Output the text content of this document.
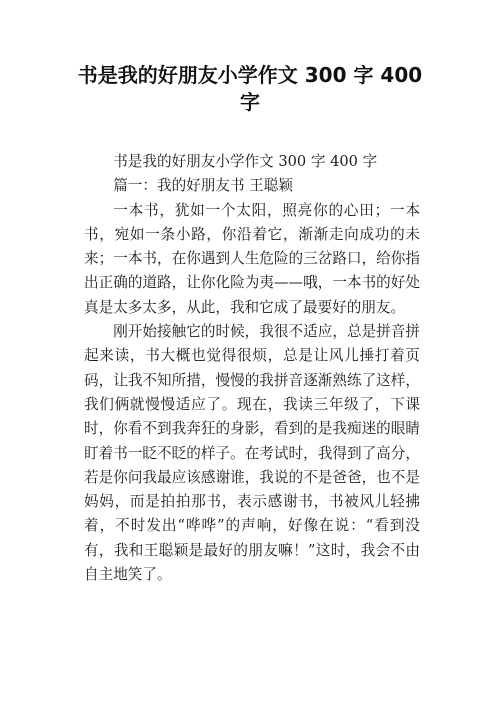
书是我的好朋友小学作文 300 字 400 字

书是我的好朋友小学作文 300 字 400 字

篇一：我的好朋友书 王聪颖

一本书，犹如一个太阳，照亮你的心田；一本书，宛如一条小路，你沿着它，渐渐走向成功的未来；一本书，在你遇到人生危险的三岔路口，给你指出正确的道路，让你化险为夷——哦，一本书的好处真是太多太多，从此，我和它成了最要好的朋友。

刚开始接触它的时候，我很不适应，总是拼音拼起来读，书大概也觉得很烦，总是让风儿捶打着页码，让我不知所措，慢慢的我拼音逐渐熟练了这样，我们俩就慢慢适应了。现在，我读三年级了，下课时，你看不到我奔狂的身影，看到的是我痴迷的眼睛盯着书一眨不眨的样子。在考试时，我得到了高分，若是你问我最应该感谢谁，我说的不是爸爸，也不是妈妈，而是拍拍那书，表示感谢书，书被风儿轻拂着，不时发出“哗哗”的声响，好像在说：“看到没有，我和王聪颖是最好的朋友嘛！”这时，我会不由自主地笑了。
